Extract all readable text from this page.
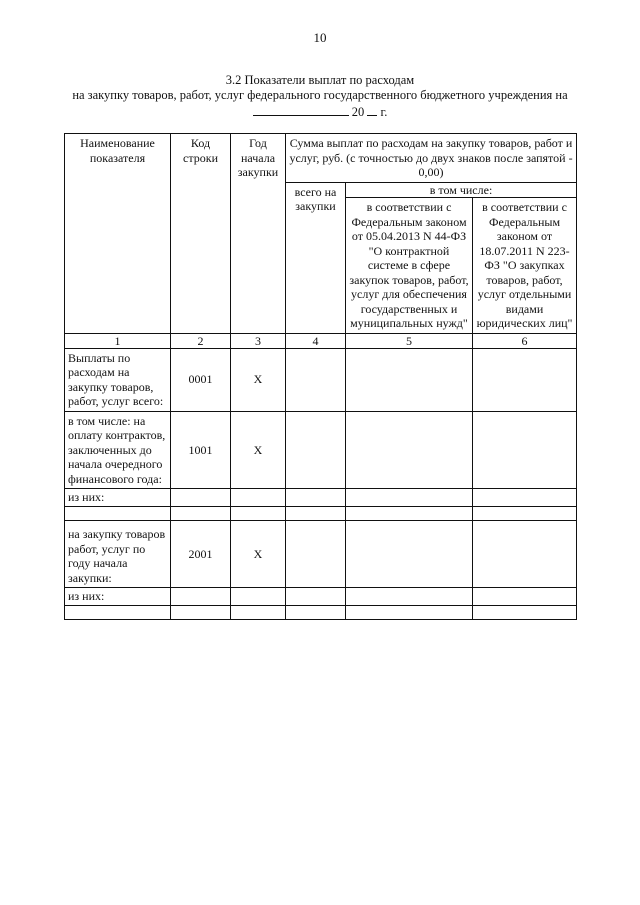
10
3.2 Показатели выплат по расходам
на закупку товаров, работ, услуг федерального государственного бюджетного учреждения на
20 г.
Наименование показателя	Код строки	Год начала закупки	Сумма выплат по расходам на закупку товаров, работ и услуг, руб. (с точностью до двух знаков после запятой - 0,00)		
			всего на закупки	в том числе:	
				в соответствии с Федеральным законом от 05.04.2013 N 44-ФЗ "О контрактной системе в сфере закупок товаров, работ, услуг для обеспечения государственных и муниципальных нужд"	в соответствии с Федеральным законом от 18.07.2011 N 223-ФЗ "О закупках товаров, работ, услуг отдельными видами юридических лиц"
1	2	3	4	5	6
Выплаты по расходам на закупку товаров, работ, услуг всего:	0001	X			
в том числе: на оплату контрактов, заключенных до начала очередного финансового года:	1001	X			
из них:					

на закупку товаров работ, услуг по году начала закупки:	2001	X			
из них:					
